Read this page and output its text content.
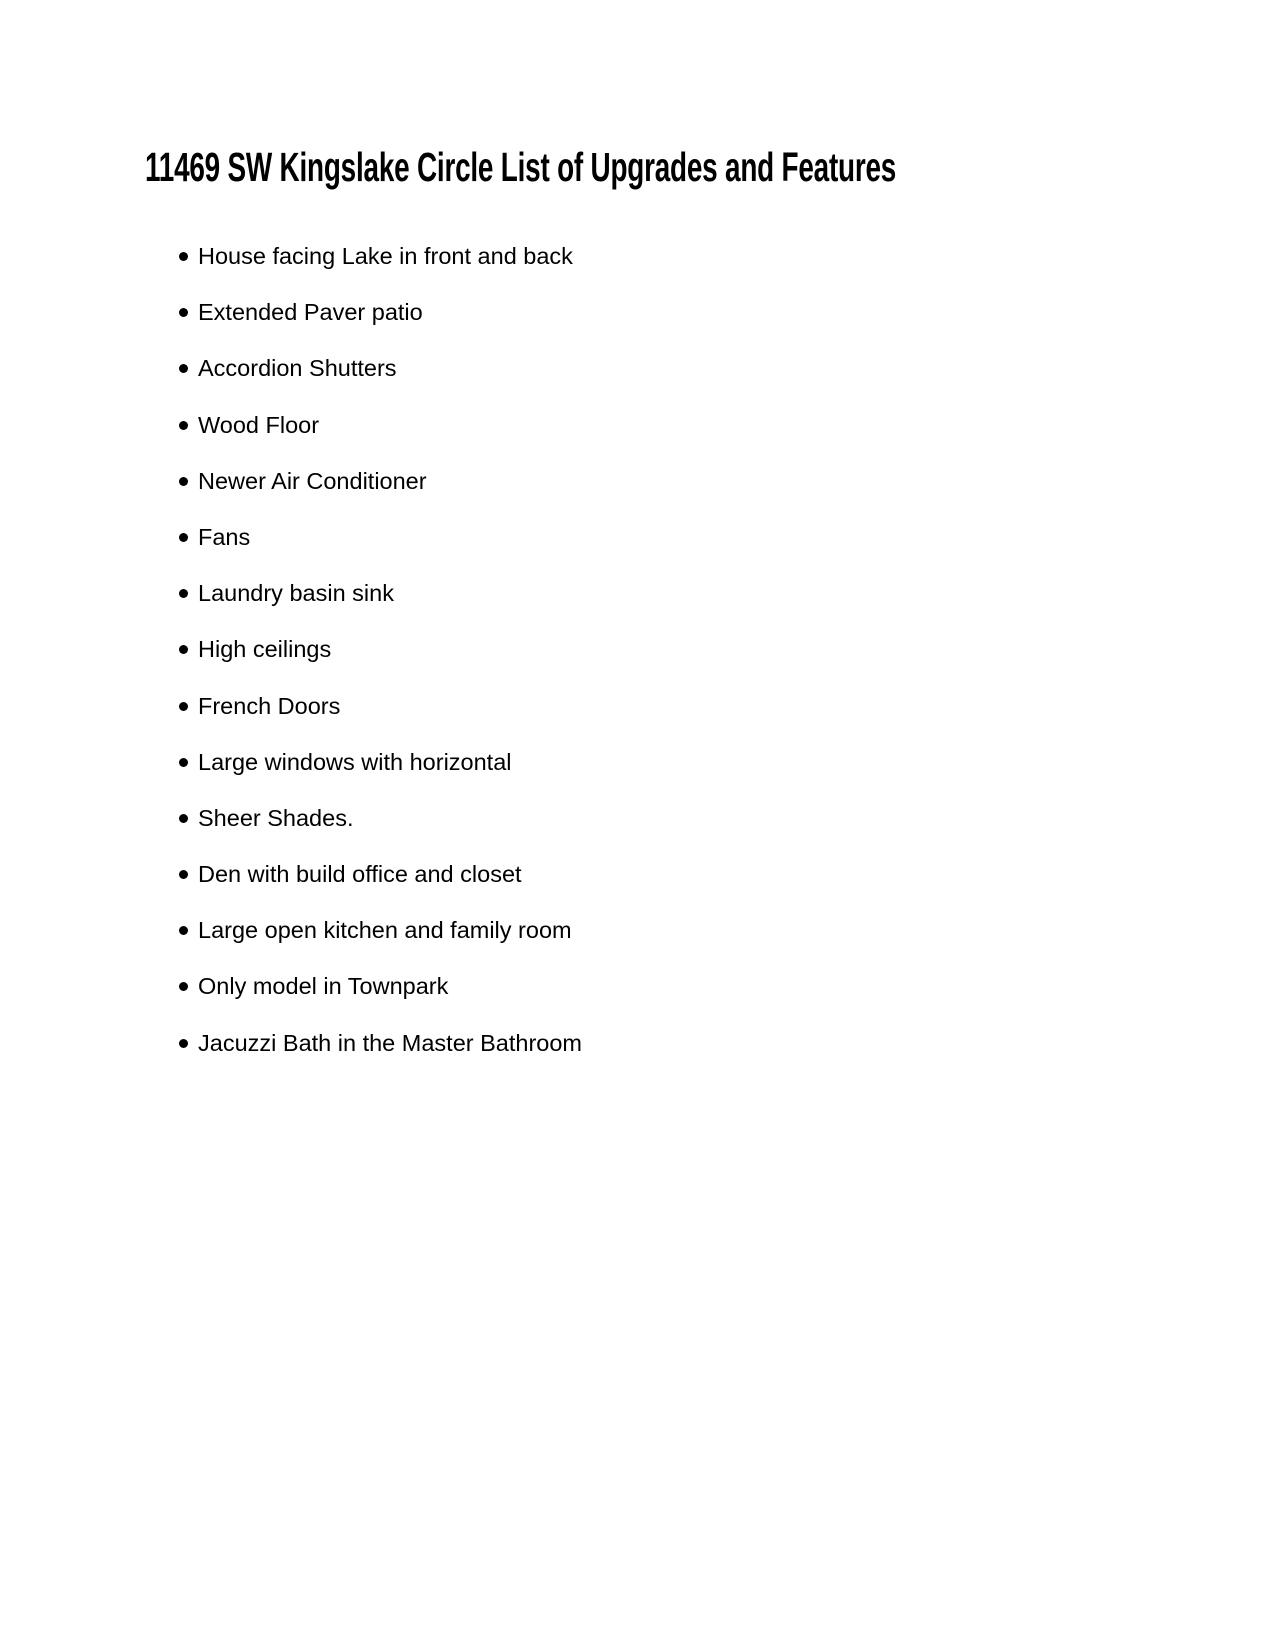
11469 SW Kingslake Circle List of Upgrades and Features
House facing Lake in front and back
Extended Paver patio
Accordion Shutters
Wood Floor
Newer Air Conditioner
Fans
Laundry basin sink
High ceilings
French Doors
Large windows with horizontal
Sheer Shades.
Den with build office and closet
Large open kitchen and family room
Only model in Townpark
Jacuzzi Bath in the Master Bathroom
